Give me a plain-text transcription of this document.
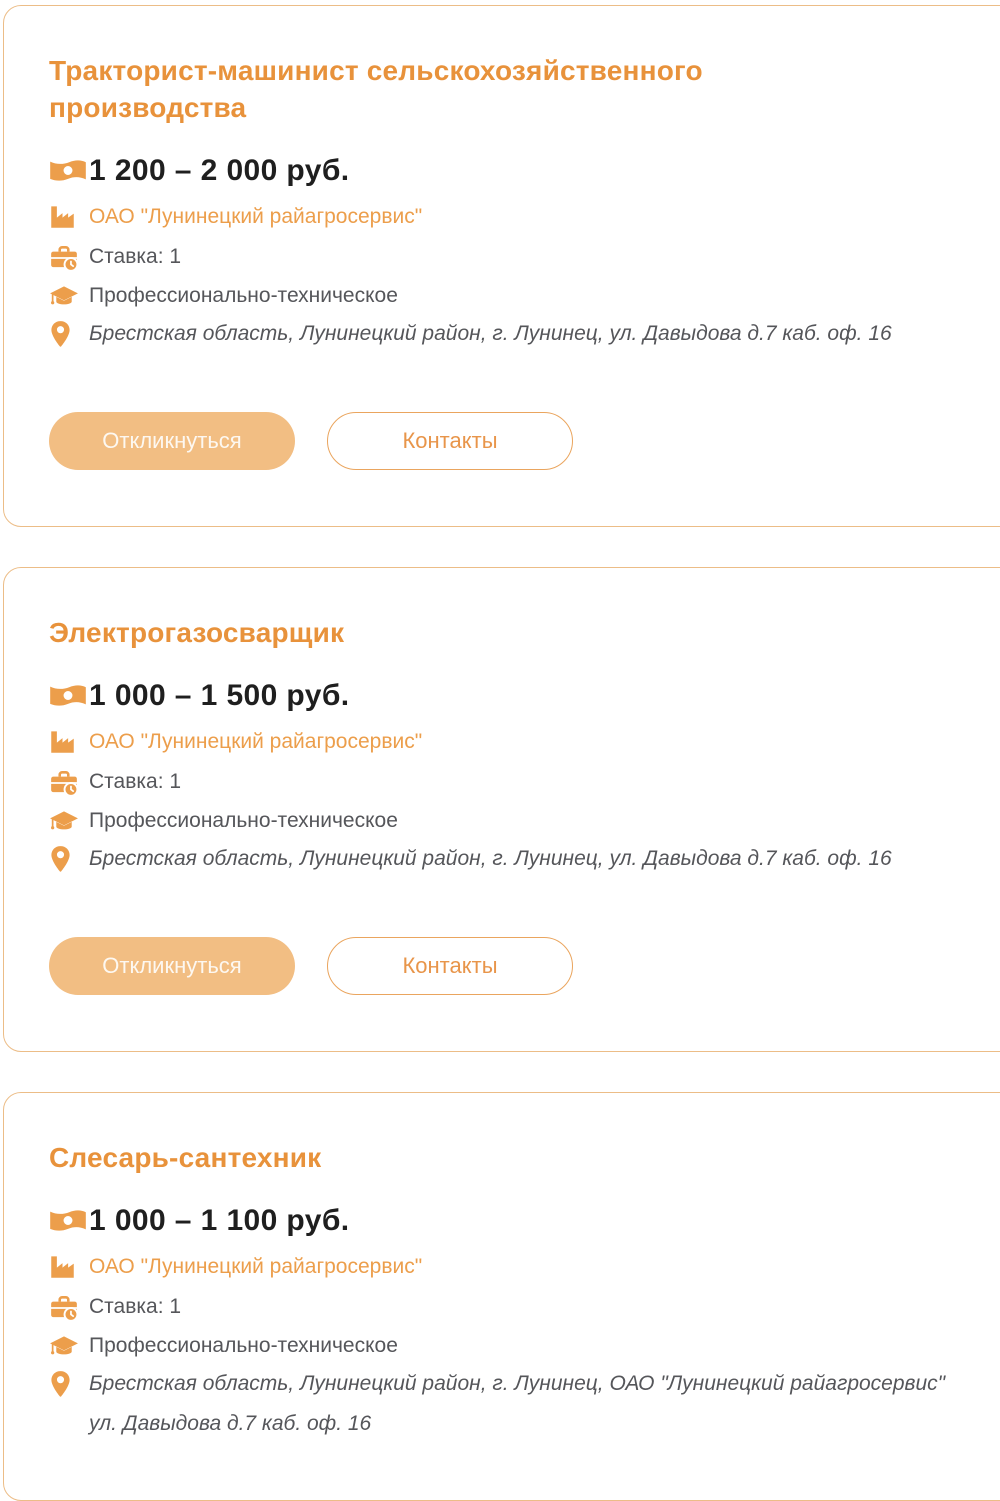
Тракторист-машинист сельскохозяйственного производства
1 200 – 2 000 руб.
ОАО "Лунинецкий райагросервис"
Ставка: 1
Профессионально-техническое
Брестская область, Лунинецкий район, г. Лунинец, ул. Давыдова д.7 каб. оф. 16
Откликнуться	Контакты
Электрогазосварщик
1 000 – 1 500 руб.
ОАО "Лунинецкий райагросервис"
Ставка: 1
Профессионально-техническое
Брестская область, Лунинецкий район, г. Лунинец, ул. Давыдова д.7 каб. оф. 16
Откликнуться	Контакты
Слесарь-сантехник
1 000 – 1 100 руб.
ОАО "Лунинецкий райагросервис"
Ставка: 1
Профессионально-техническое
Брестская область, Лунинецкий район, г. Лунинец, ОАО "Лунинецкий райагросервис" ул. Давыдова д.7 каб. оф. 16
